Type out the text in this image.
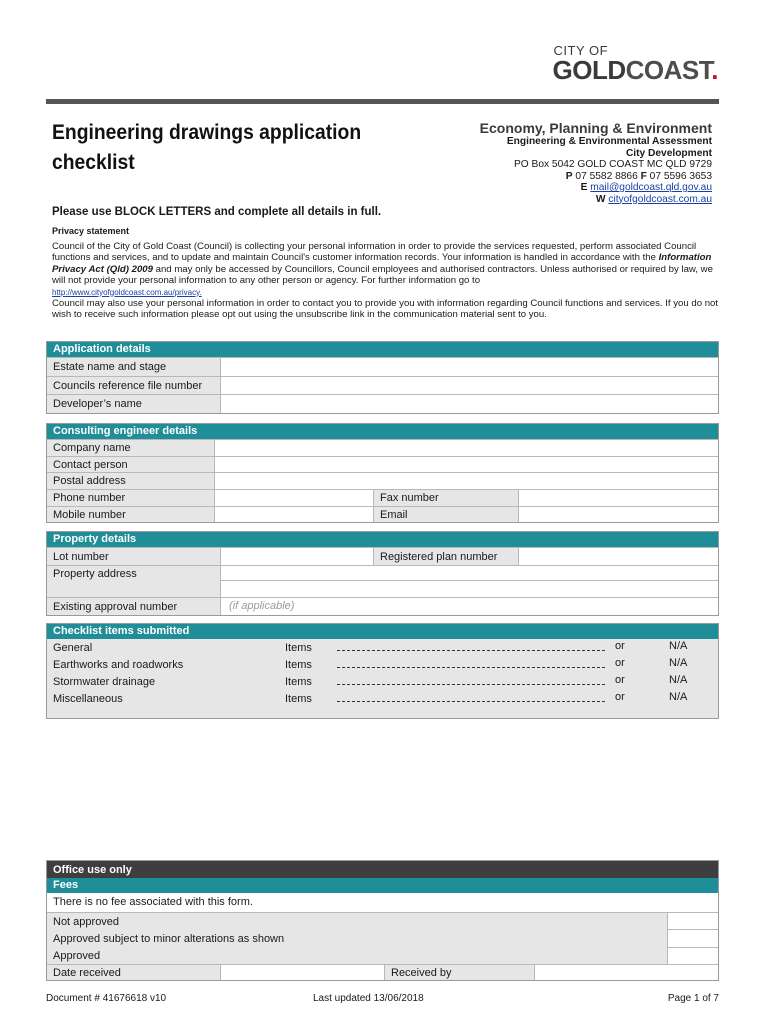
CITY OF
GOLDCOAST.
Engineering drawings application checklist
Economy, Planning & Environment
Engineering & Environmental Assessment
City Development
PO Box 5042 GOLD COAST MC QLD 9729
P 07 5582 8866 F 07 5596 3653
E mail@goldcoast.qld.gov.au
W cityofgoldcoast.com.au
Please use BLOCK LETTERS and complete all details in full.
Privacy statement
Council of the City of Gold Coast (Council) is collecting your personal information in order to provide the services requested, perform associated Council functions and services, and to update and maintain Council's customer information records. Your information is handled in accordance with the Information Privacy Act (Qld) 2009 and may only be accessed by Councillors, Council employees and authorised contractors. Unless authorised or required by law, we will not provide your personal information to any other person or agency. For further information go to
http://www.cityofgoldcoast.com.au/privacy.
Council may also use your personal information in order to contact you to provide you with information regarding Council functions and services. If you do not wish to receive such information please opt out using the unsubscribe link in the communication material sent to you.
Application details
Estate name and stage
Councils reference file number
Developer’s name
Consulting engineer details
Company name
Contact person
Postal address
Phone number	Fax number
Mobile number	Email
Property details
Lot number	Registered plan number
Property address
Existing approval number	(if applicable)
Checklist items submitted
General	Items	or	N/A
Earthworks and roadworks	Items	or	N/A
Stormwater drainage	Items	or	N/A
Miscellaneous	Items	or	N/A
Office use only
Fees
There is no fee associated with this form.
Not approved
Approved subject to minor alterations as shown
Approved
Date received	Received by
Document # 41676618 v10	Last updated 13/06/2018	Page 1 of 7
